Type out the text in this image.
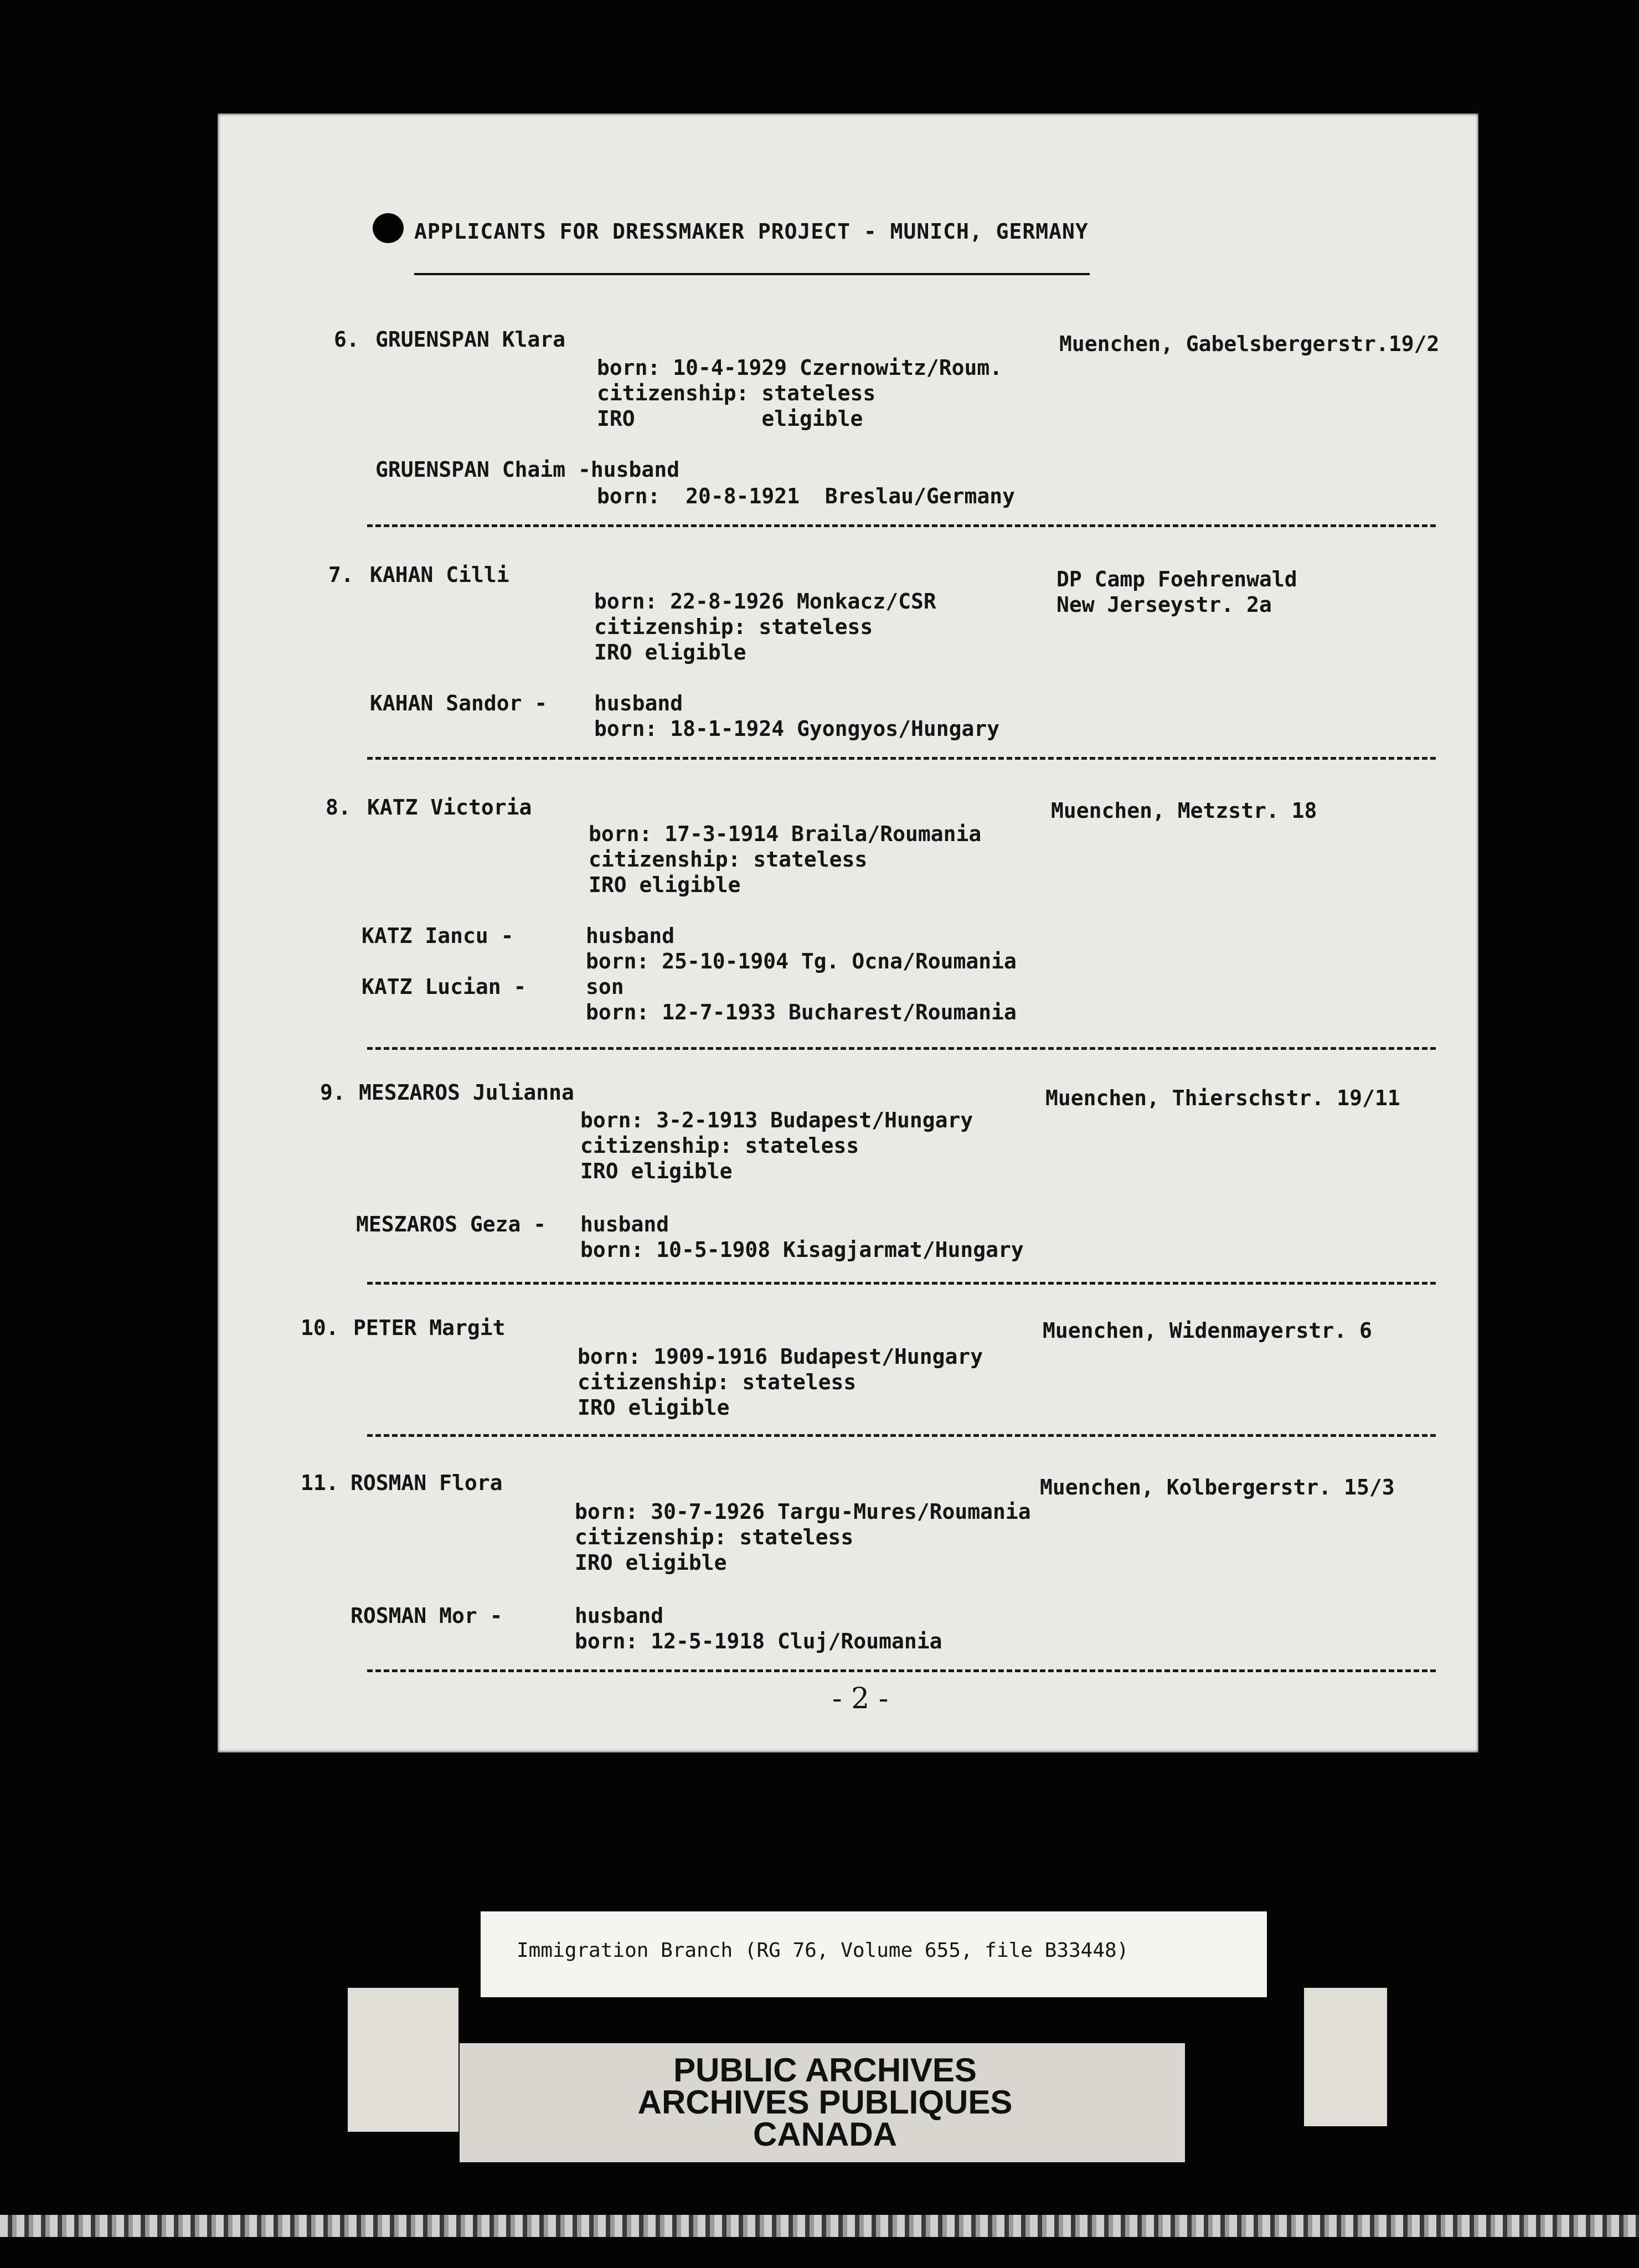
APPLICANTS FOR DRESSMAKER PROJECT - MUNICH, GERMANY
6. GRUENSPAN Klara	Muenchen, Gabelsbergerstr.19/2
born: 10-4-1929 Czernowitz/Roum.
citizenship: stateless
IRO          eligible
GRUENSPAN Chaim -husband
born:  20-8-1921  Breslau/Germany
7. KAHAN Cilli	DP Camp Foehrenwald
New Jerseystr. 2a
born: 22-8-1926 Monkacz/CSR
citizenship: stateless
IRO eligible
KAHAN Sandor - husband
born: 18-1-1924 Gyongyos/Hungary
8. KATZ Victoria	Muenchen, Metzstr. 18
born: 17-3-1914 Braila/Roumania
citizenship: stateless
IRO eligible
KATZ Iancu -	husband
born: 25-10-1904 Tg. Ocna/Roumania
KATZ Lucian -	son
born: 12-7-1933 Bucharest/Roumania
9. MESZAROS Julianna	Muenchen, Thierschstr. 19/11
born: 3-2-1913 Budapest/Hungary
citizenship: stateless
IRO eligible
MESZAROS Geza - husband
born: 10-5-1908 Kisagjarmat/Hungary
10. PETER Margit	Muenchen, Widenmayerstr. 6
born: 1909-1916 Budapest/Hungary
citizenship: stateless
IRO eligible
11. ROSMAN Flora	Muenchen, Kolbergerstr. 15/3
born: 30-7-1926 Targu-Mures/Roumania
citizenship: stateless
IRO eligible
ROSMAN Mor -	husband
born: 12-5-1918 Cluj/Roumania
- 2 -
Immigration Branch (RG 76, Volume 655, file B33448)
PUBLIC ARCHIVES
ARCHIVES PUBLIQUES
CANADA
